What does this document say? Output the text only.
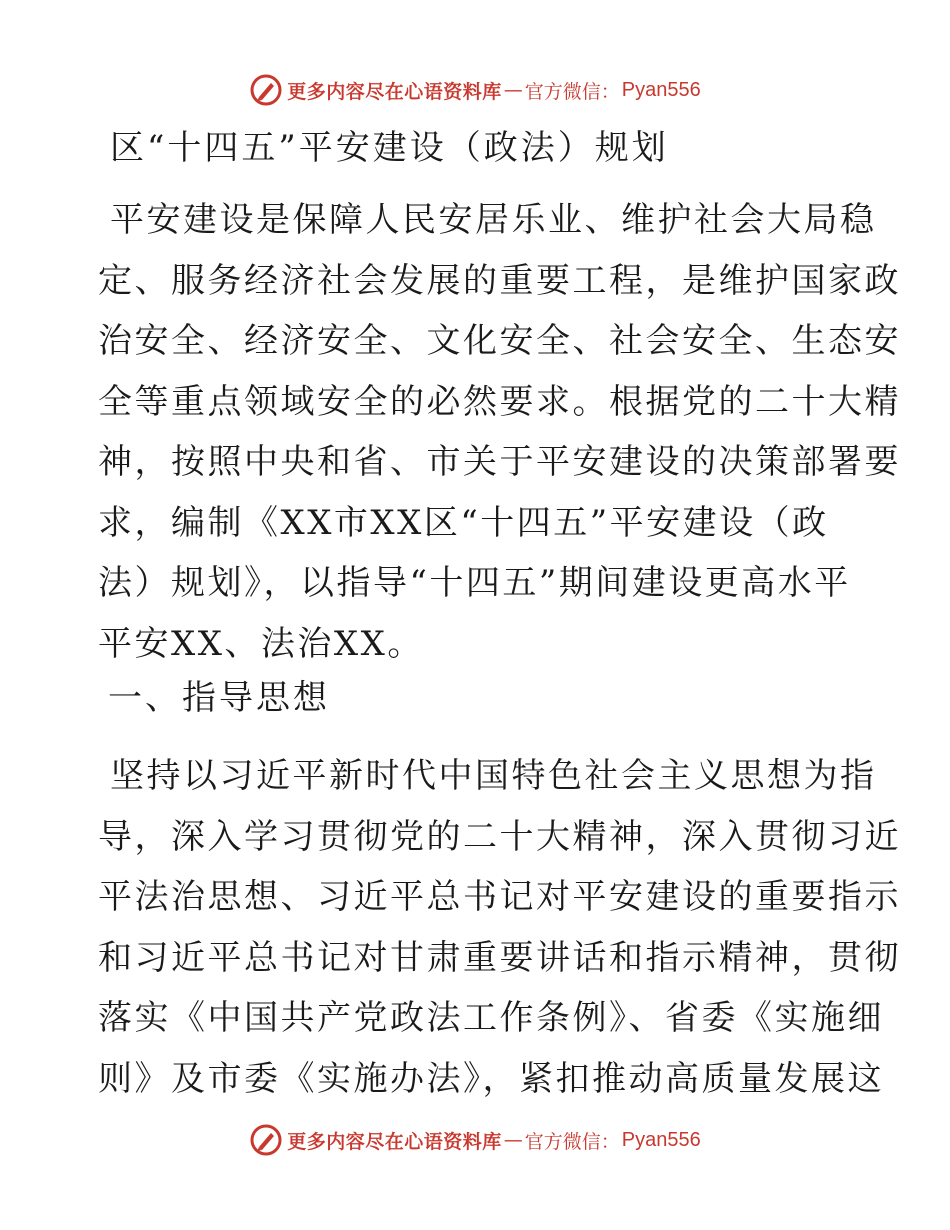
更多内容尽在心语资料库 — 官方微信： Pyan556
区“十四五”平安建设（政法）规划
平安建设是保障人民安居乐业、维护社会大局稳
定、服务经济社会发展的重要工程，是维护国家政
治安全、经济安全、文化安全、社会安全、生态安
全等重点领域安全的必然要求。根据党的二十大精
神，按照中央和省、市关于平安建设的决策部署要
求，编制《XX市XX区“十四五”平安建设（政
法）规划》，以指导“十四五”期间建设更高水平
平安XX、法治XX。
一、指导思想
坚持以习近平新时代中国特色社会主义思想为指
导，深入学习贯彻党的二十大精神，深入贯彻习近
平法治思想、习近平总书记对平安建设的重要指示
和习近平总书记对甘肃重要讲话和指示精神，贯彻
落实《中国共产党政法工作条例》、省委《实施细
则》及市委《实施办法》，紧扣推动高质量发展这
更多内容尽在心语资料库 — 官方微信： Pyan556
